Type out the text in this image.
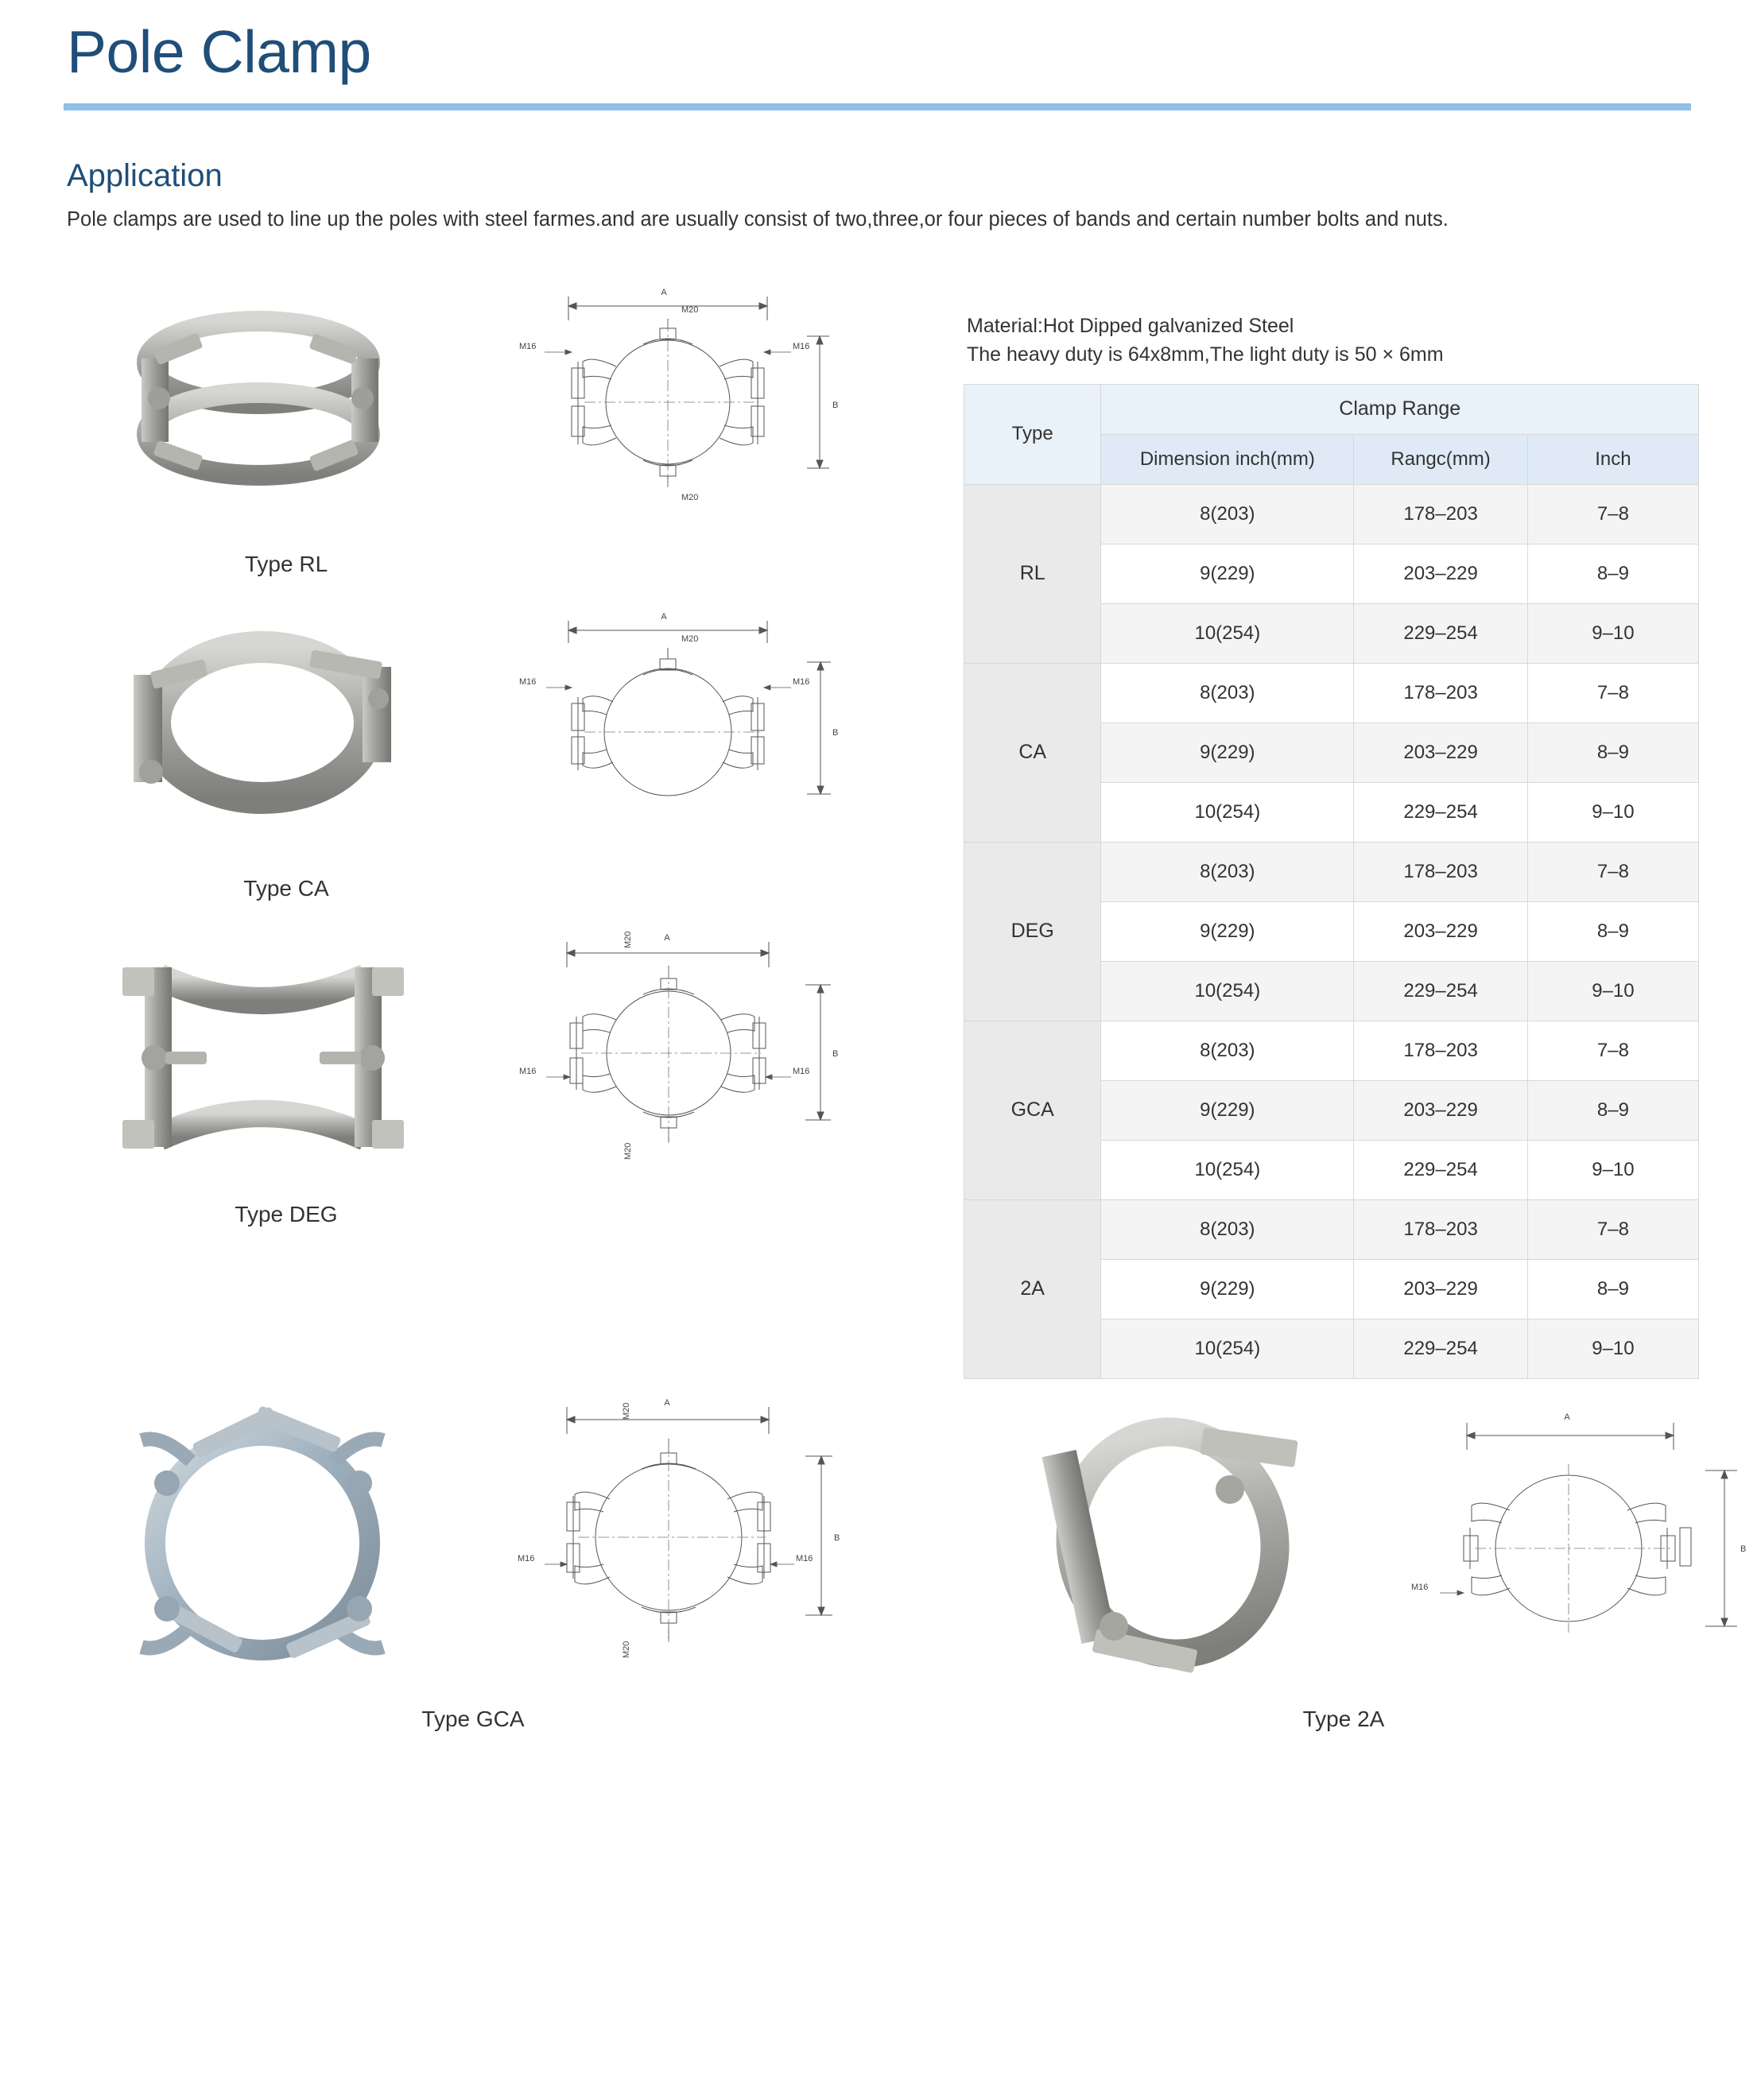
Pole Clamp
Application

Pole clamps are used to line up the poles with steel farmes.and are usually consist of two,three,or four pieces of bands and certain number bolts and nuts.

A
B
M20
M20
M16	M16
Type RL
A
B
M20
M16	M16
Type CA
A
B
M20
M20
M16	M16
Type DEG
Material:Hot Dipped galvanized Steel
The heavy duty is 64x8mm,The light duty is 50 × 6mm
Type	Clamp Range		
	Dimension inch(mm)	Rangc(mm)	Inch
RL	8(203)	178–203	7–8
	9(229)	203–229	8–9
	10(254)	229–254	9–10
CA	8(203)	178–203	7–8
	9(229)	203–229	8–9
	10(254)	229–254	9–10
DEG	8(203)	178–203	7–8
	9(229)	203–229	8–9
	10(254)	229–254	9–10
GCA	8(203)	178–203	7–8
	9(229)	203–229	8–9
	10(254)	229–254	9–10
2A	8(203)	178–203	7–8
	9(229)	203–229	8–9
	10(254)	229–254	9–10
A
B
M20
M20
M16	M16
Type GCA
A
B
M16
Type 2A
